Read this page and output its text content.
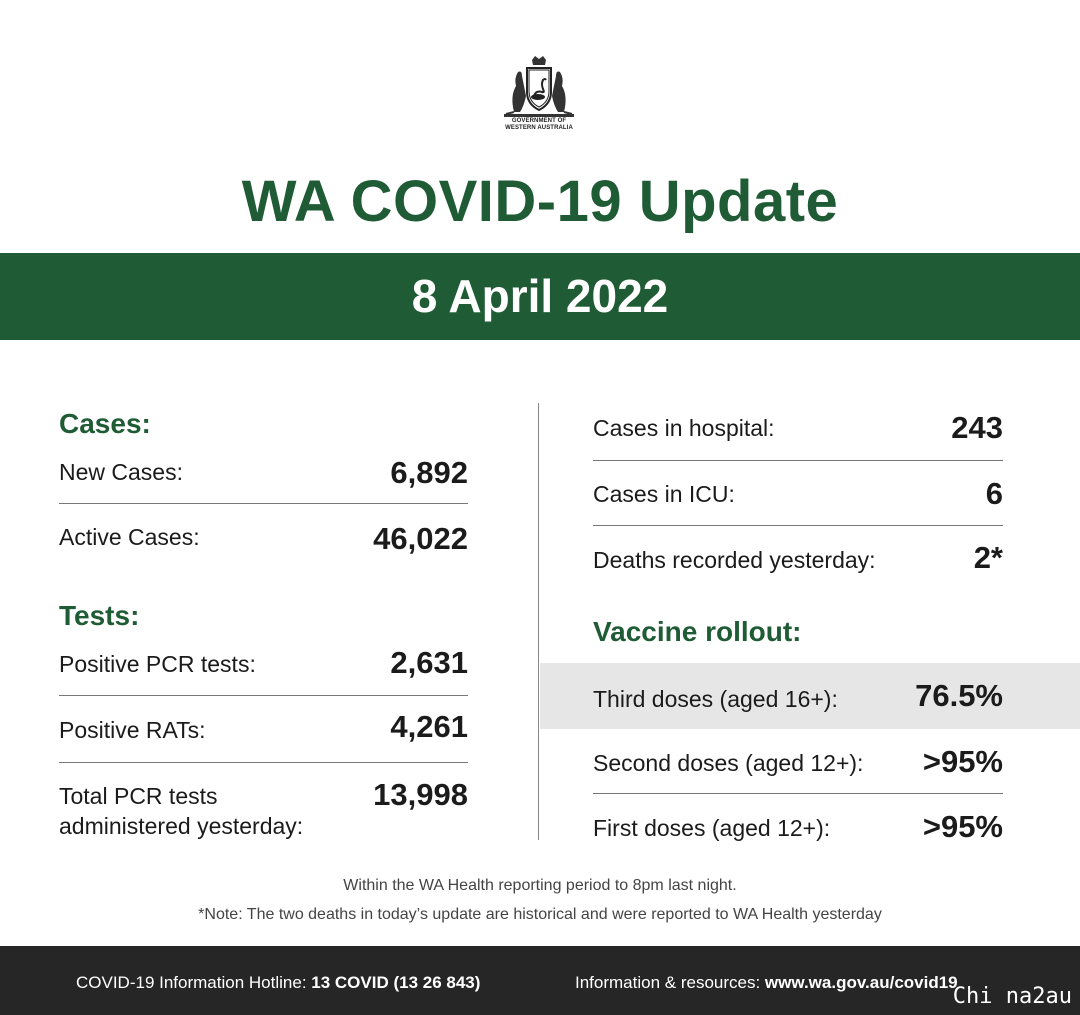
GOVERNMENT OF
WESTERN AUSTRALIA
WA COVID-19 Update
8 April 2022
Cases:
New Cases:	6,892
Active Cases:	46,022
Tests:
Positive PCR tests:	2,631
Positive RATs:	4,261
Total PCR tests
administered yesterday:
13,998
Cases in hospital:	243
Cases in ICU:	6
Deaths recorded yesterday:	2*
Vaccine rollout:
Third doses (aged 16+):	76.5%
Second doses (aged 12+):	>95%
First doses (aged 12+):	>95%
Within the WA Health reporting period to 8pm last night.
*Note: The two deaths in today’s update are historical and were reported to WA Health yesterday
COVID-19 Information Hotline: 13 COVID (13 26 843)	Information & resources: www.wa.gov.au/covid19
Chi na2au
